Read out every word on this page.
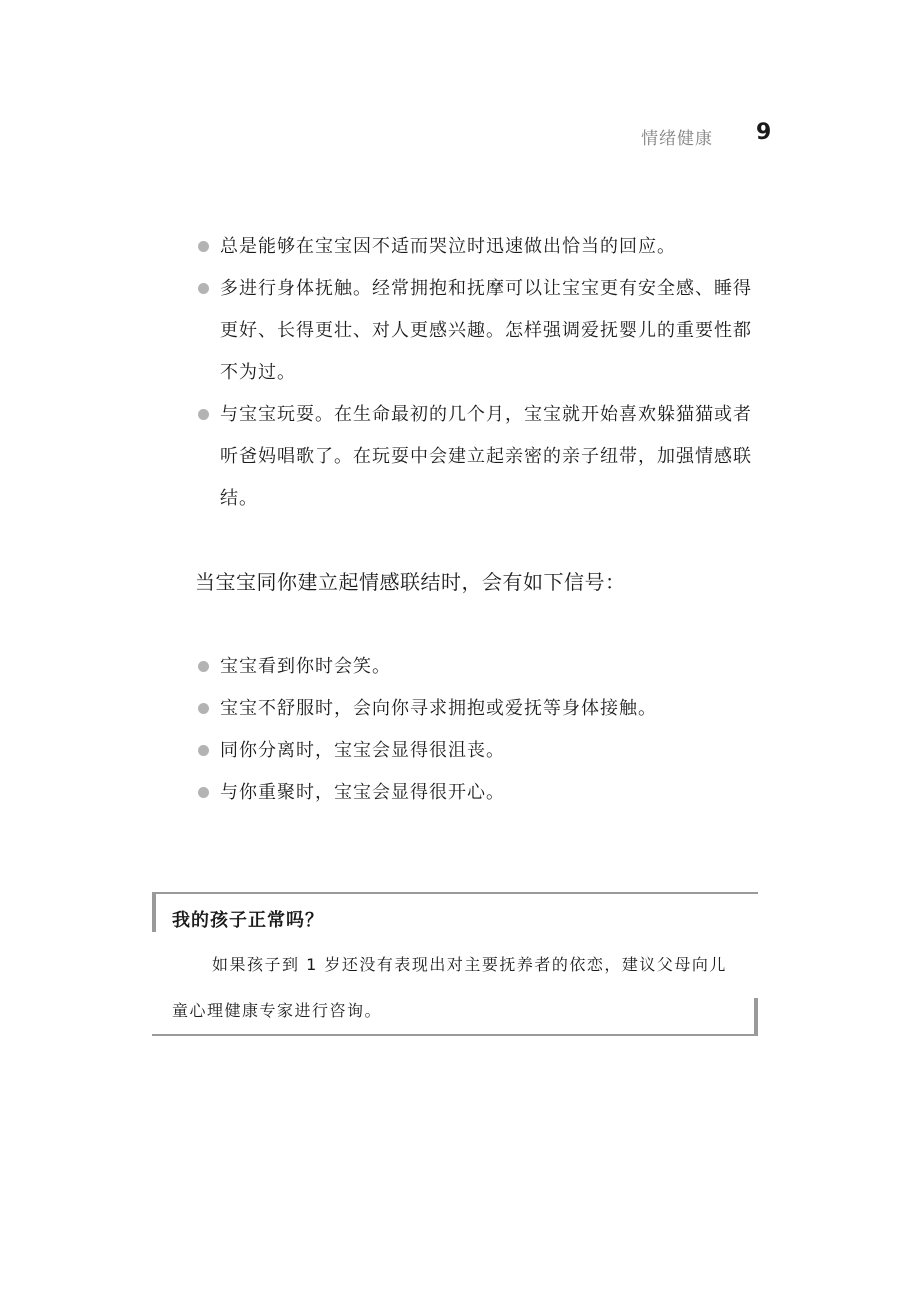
情绪健康 9
总是能够在宝宝因不适而哭泣时迅速做出恰当的回应。
多进行身体抚触。经常拥抱和抚摩可以让宝宝更有安全感、睡得更好、长得更壮、对人更感兴趣。怎样强调爱抚婴儿的重要性都不为过。
与宝宝玩耍。在生命最初的几个月，宝宝就开始喜欢躲猫猫或者听爸妈唱歌了。在玩耍中会建立起亲密的亲子纽带，加强情感联结。
当宝宝同你建立起情感联结时，会有如下信号：
宝宝看到你时会笑。
宝宝不舒服时，会向你寻求拥抱或爱抚等身体接触。
同你分离时，宝宝会显得很沮丧。
与你重聚时，宝宝会显得很开心。
我的孩子正常吗？

如果孩子到 1 岁还没有表现出对主要抚养者的依恋，建议父母向儿童心理健康专家进行咨询。
